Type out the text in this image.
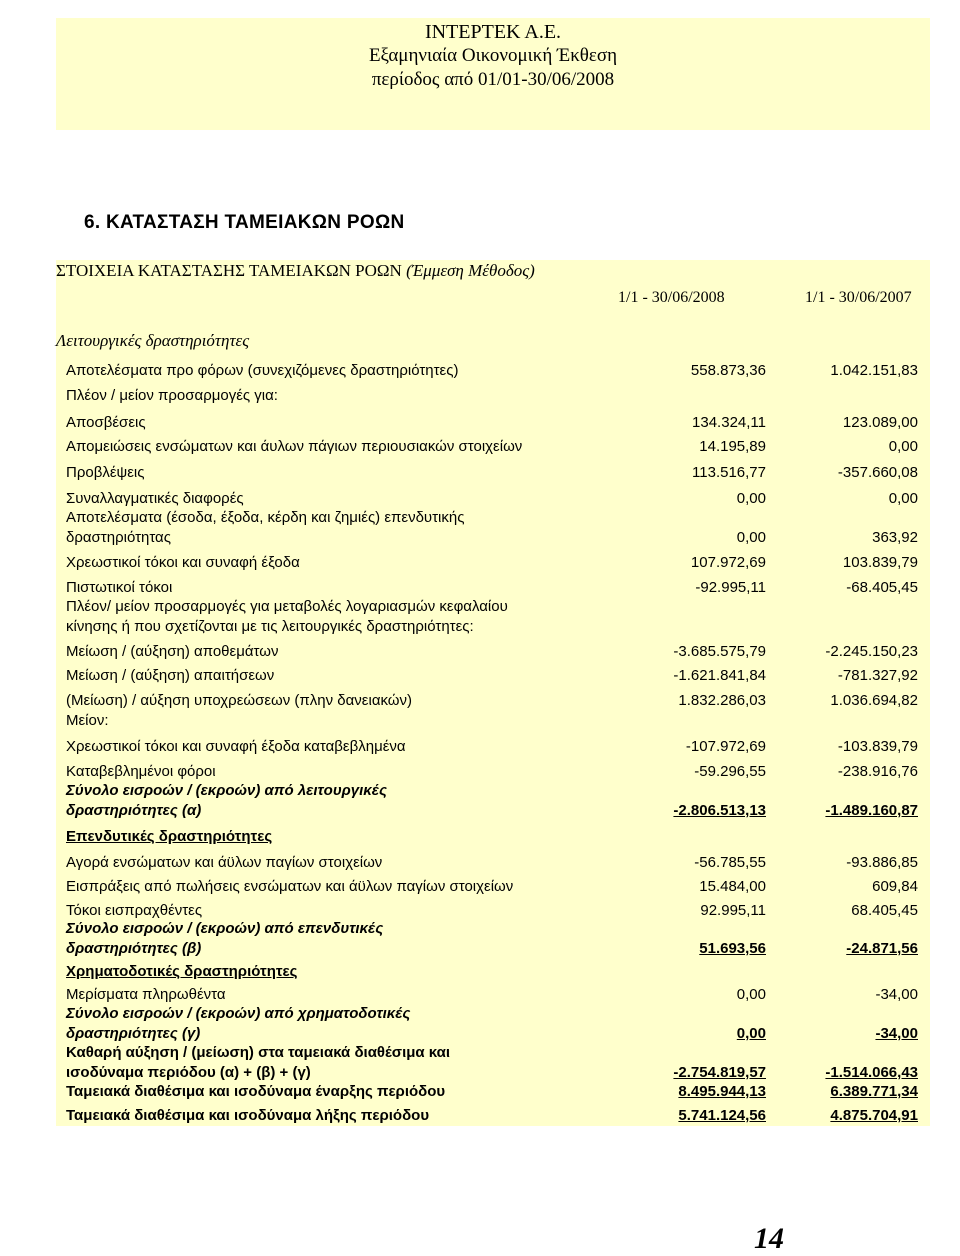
ΙΝΤΕΡΤΕΚ Α.Ε.
Εξαμηνιαία Οικονομική Έκθεση
περίοδος από 01/01-30/06/2008
6. ΚΑΤΑΣΤΑΣΗ ΤΑΜΕΙΑΚΩΝ ΡΟΩΝ
ΣΤΟΙΧΕΙΑ ΚΑΤΑΣΤΑΣΗΣ ΤΑΜΕΙΑΚΩΝ ΡΟΩΝ (Έμμεση Μέθοδος)
1/1 - 30/06/2008	1/1 - 30/06/2007
Λειτουργικές δραστηριότητες
Αποτελέσματα προ φόρων (συνεχιζόμενες δραστηριότητες)	558.873,36	1.042.151,83
Πλέον / μείον προσαρμογές για:
Αποσβέσεις	134.324,11	123.089,00
Απομειώσεις ενσώματων και άυλων πάγιων περιουσιακών στοιχείων	14.195,89	0,00
Προβλέψεις	113.516,77	-357.660,08
Συναλλαγματικές διαφορές	0,00	0,00
Αποτελέσματα (έσοδα, έξοδα, κέρδη και ζημιές) επενδυτικής
δραστηριότητας	0,00	363,92
Χρεωστικοί τόκοι και συναφή έξοδα	107.972,69	103.839,79
Πιστωτικοί τόκοι	-92.995,11	-68.405,45
Πλέον/ μείον προσαρμογές για μεταβολές λογαριασμών κεφαλαίου
κίνησης ή που σχετίζονται με τις λειτουργικές δραστηριότητες:
Μείωση / (αύξηση) αποθεμάτων	-3.685.575,79	-2.245.150,23
Μείωση / (αύξηση) απαιτήσεων	-1.621.841,84	-781.327,92
(Μείωση) / αύξηση υποχρεώσεων (πλην δανειακών)	1.832.286,03	1.036.694,82
Μείον:
Χρεωστικοί τόκοι και συναφή έξοδα καταβεβλημένα	-107.972,69	-103.839,79
Καταβεβλημένοι φόροι	-59.296,55	-238.916,76
Σύνολο εισροών / (εκροών) από λειτουργικές
δραστηριότητες (α)	-2.806.513,13	-1.489.160,87
Επενδυτικές δραστηριότητες
Αγορά ενσώματων και άϋλων παγίων στοιχείων	-56.785,55	-93.886,85
Εισπράξεις από πωλήσεις ενσώματων και άϋλων παγίων στοιχείων	15.484,00	609,84
Τόκοι εισπραχθέντες	92.995,11	68.405,45
Σύνολο εισροών / (εκροών) από επενδυτικές
δραστηριότητες (β)	51.693,56	-24.871,56
Χρηματοδοτικές δραστηριότητες
Μερίσματα πληρωθέντα	0,00	-34,00
Σύνολο εισροών / (εκροών) από χρηματοδοτικές
δραστηριότητες (γ)	0,00	-34,00
Καθαρή αύξηση / (μείωση) στα ταμειακά διαθέσιμα και
ισοδύναμα περιόδου (α) + (β) + (γ)	-2.754.819,57	-1.514.066,43
Ταμειακά διαθέσιμα και ισοδύναμα έναρξης περιόδου	8.495.944,13	6.389.771,34
Ταμειακά διαθέσιμα και ισοδύναμα λήξης περιόδου	5.741.124,56	4.875.704,91
14
